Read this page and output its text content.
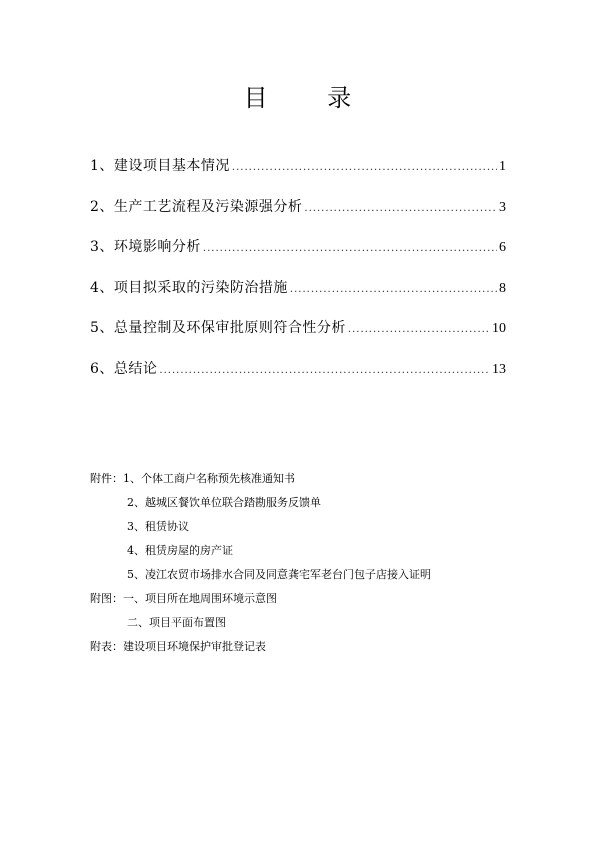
目 录
1、建设项目基本情况 .....	1
2、生产工艺流程及污染源强分析 .....	3
3、环境影响分析 .....	6
4、项目拟采取的污染防治措施 .....	8
5、总量控制及环保审批原则符合性分析 .....	10
6、总结论 .....	13
附件：1、个体工商户名称预先核准通知书
2、越城区餐饮单位联合踏勘服务反馈单
3、租赁协议
4、租赁房屋的房产证
5、凌江农贸市场排水合同及同意龚宅军老台门包子店接入证明
附图：一、项目所在地周围环境示意图
二、项目平面布置图
附表：建设项目环境保护审批登记表
